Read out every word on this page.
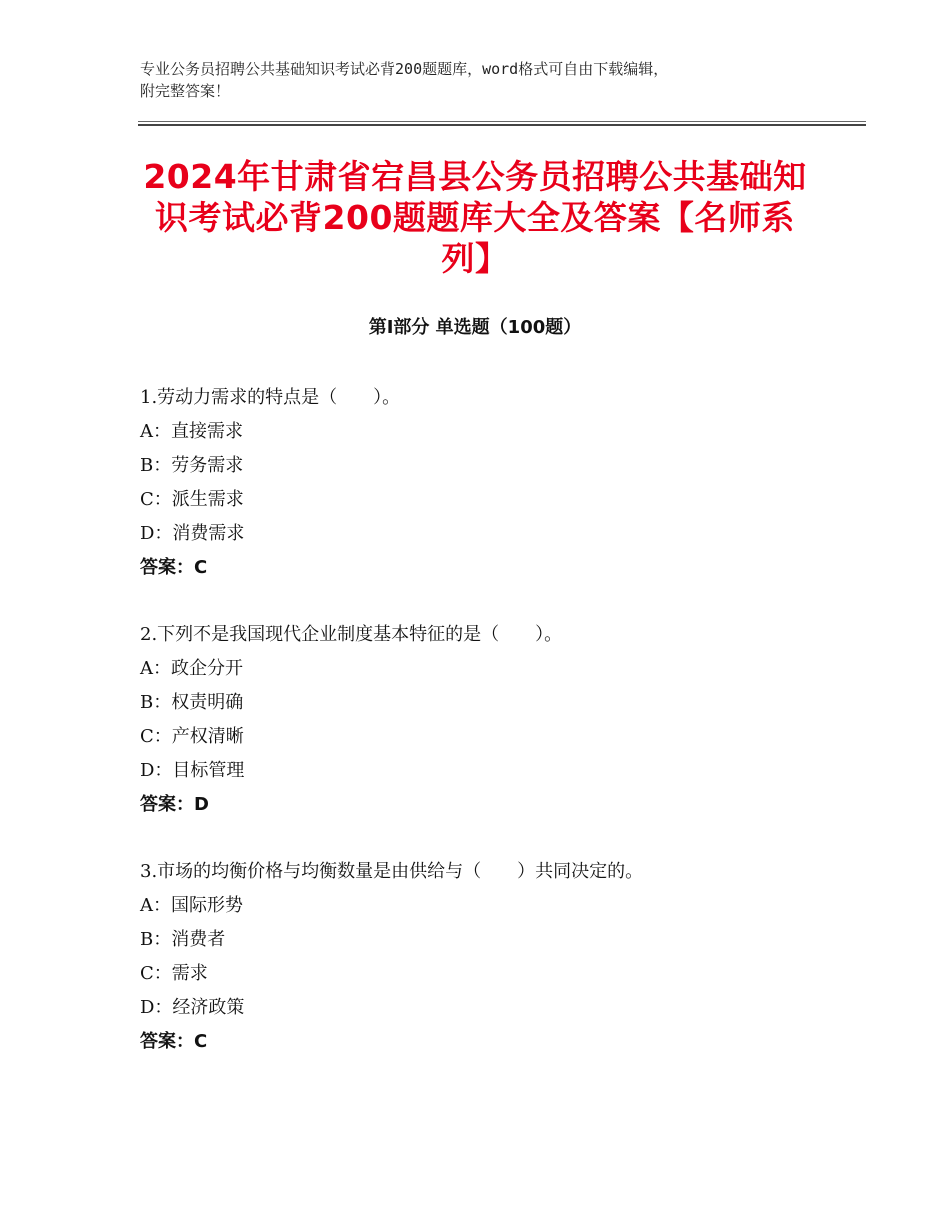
专业公务员招聘公共基础知识考试必背200题题库，word格式可自由下载编辑，
附完整答案！
2024年甘肃省宕昌县公务员招聘公共基础知
识考试必背200题题库大全及答案【名师系
列】
第Ⅰ部分 单选题（100题）
1.劳动力需求的特点是（　　）。
A：直接需求
B：劳务需求
C：派生需求
D：消费需求
答案：C
2.下列不是我国现代企业制度基本特征的是（　　）。
A：政企分开
B：权责明确
C：产权清晰
D：目标管理
答案：D
3.市场的均衡价格与均衡数量是由供给与（　　）共同决定的。
A：国际形势
B：消费者
C：需求
D：经济政策
答案：C
